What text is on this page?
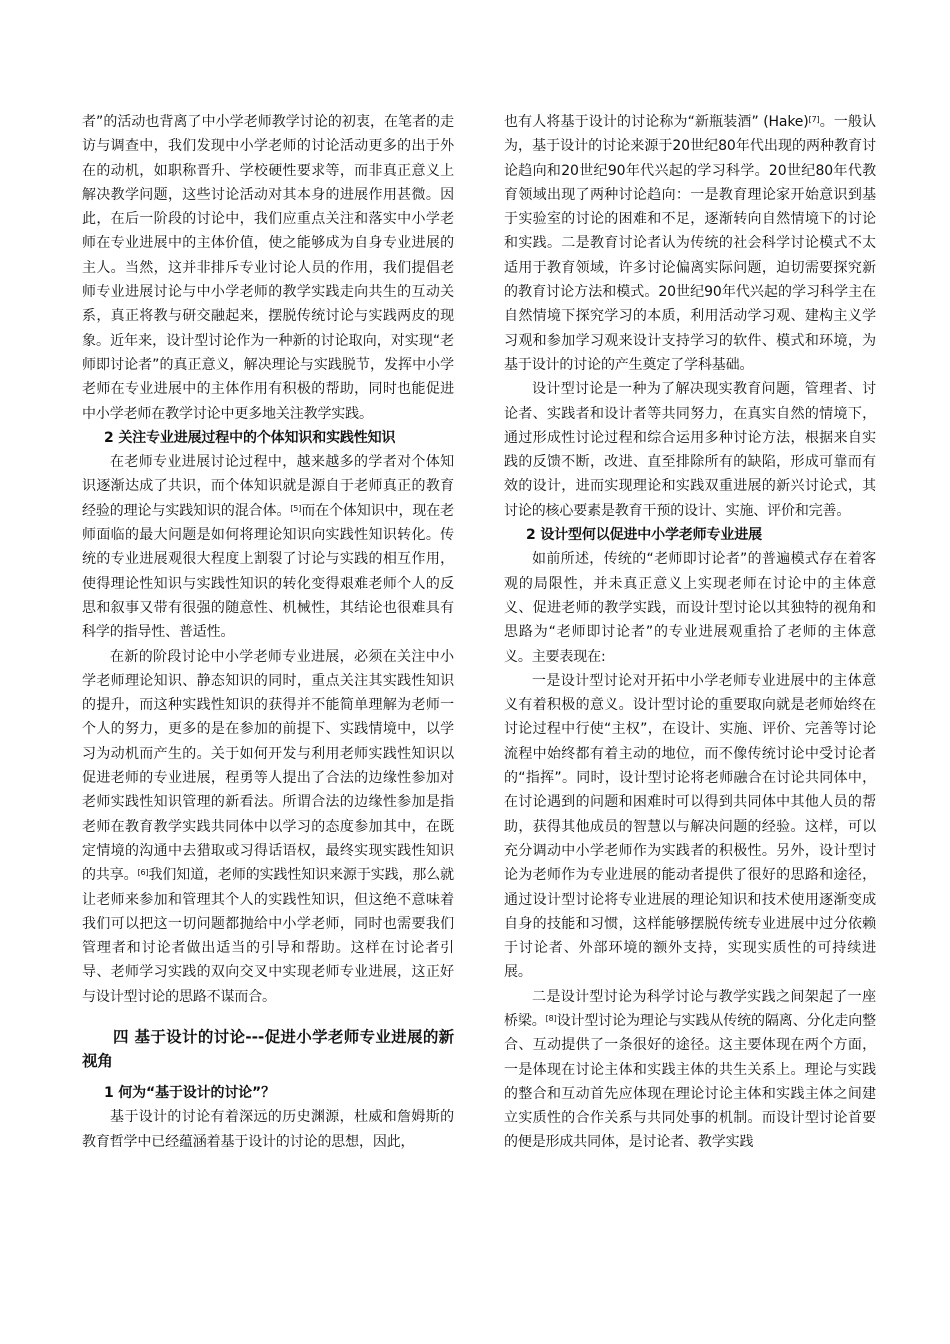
者”的活动也背离了中小学老师教学讨论的初衷，在笔者的走访与调查中，我们发现中小学老师的讨论活动更多的出于外在的动机，如职称晋升、学校硬性要求等，而非真正意义上解决教学问题，这些讨论活动对其本身的进展作用甚微。因此，在后一阶段的讨论中，我们应重点关注和落实中小学老师在专业进展中的主体价值，使之能够成为自身专业进展的主人。当然，这并非排斥专业讨论人员的作用，我们提倡老师专业进展讨论与中小学老师的教学实践走向共生的互动关系，真正将教与研交融起来，摆脱传统讨论与实践两皮的现象。近年来，设计型讨论作为一种新的讨论取向，对实现“老师即讨论者”的真正意义，解决理论与实践脱节，发挥中小学老师在专业进展中的主体作用有积极的帮助，同时也能促进中小学老师在教学讨论中更多地关注教学实践。

2 关注专业进展过程中的个体知识和实践性知识

在老师专业进展讨论过程中，越来越多的学者对个体知识逐渐达成了共识，而个体知识就是源自于老师真正的教育经验的理论与实践知识的混合体。[5]而在个体知识中，现在老师面临的最大问题是如何将理论知识向实践性知识转化。传统的专业进展观很大程度上割裂了讨论与实践的相互作用，使得理论性知识与实践性知识的转化变得艰难老师个人的反思和叙事又带有很强的随意性、机械性，其结论也很难具有科学的指导性、普适性。

在新的阶段讨论中小学老师专业进展，必须在关注中小学老师理论知识、静态知识的同时，重点关注其实践性知识的提升，而这种实践性知识的获得并不能简单理解为老师一个人的努力，更多的是在参加的前提下、实践情境中，以学习为动机而产生的。关于如何开发与利用老师实践性知识以促进老师的专业进展，程勇等人提出了合法的边缘性参加对老师实践性知识管理的新看法。所谓合法的边缘性参加是指老师在教育教学实践共同体中以学习的态度参加其中，在既定情境的沟通中去猎取或习得话语权，最终实现实践性知识的共享。[6]我们知道，老师的实践性知识来源于实践，那么就让老师来参加和管理其个人的实践性知识，但这绝不意味着我们可以把这一切问题都抛给中小学老师，同时也需要我们管理者和讨论者做出适当的引导和帮助。这样在讨论者引导、老师学习实践的双向交叉中实现老师专业进展，这正好与设计型讨论的思路不谋而合。

四 基于设计的讨论---促进小学老师专业进展的新视角

1 何为“基于设计的讨论”？

基于设计的讨论有着深远的历史渊源，杜威和詹姆斯的教育哲学中已经蕴涵着基于设计的讨论的思想，因此，

也有人将基于设计的讨论称为“新瓶装酒” (Hake)[7]。一般认为，基于设计的讨论来源于20世纪80年代出现的两种教育讨论趋向和20世纪90年代兴起的学习科学。20世纪80年代教育领域出现了两种讨论趋向：一是教育理论家开始意识到基于实验室的讨论的困难和不足，逐渐转向自然情境下的讨论和实践。二是教育讨论者认为传统的社会科学讨论模式不太适用于教育领域，许多讨论偏离实际问题，迫切需要探究新的教育讨论方法和模式。20世纪90年代兴起的学习科学主在自然情境下探究学习的本质，利用活动学习观、建构主义学习观和参加学习观来设计支持学习的软件、模式和环境，为基于设计的讨论的产生奠定了学科基础。

设计型讨论是一种为了解决现实教育问题，管理者、讨论者、实践者和设计者等共同努力，在真实自然的情境下，通过形成性讨论过程和综合运用多种讨论方法，根据来自实践的反馈不断，改进、直至排除所有的缺陷，形成可靠而有效的设计，进而实现理论和实践双重进展的新兴讨论式，其讨论的核心要素是教育干预的设计、实施、评价和完善。

2 设计型何以促进中小学老师专业进展

如前所述，传统的“老师即讨论者”的普遍模式存在着客观的局限性，并未真正意义上实现老师在讨论中的主体意义、促进老师的教学实践，而设计型讨论以其独特的视角和思路为“老师即讨论者”的专业进展观重拾了老师的主体意义。主要表现在:

一是设计型讨论对开拓中小学老师专业进展中的主体意义有着积极的意义。设计型讨论的重要取向就是老师始终在讨论过程中行使“主权”，在设计、实施、评价、完善等讨论流程中始终都有着主动的地位，而不像传统讨论中受讨论者的“指挥”。同时，设计型讨论将老师融合在讨论共同体中，在讨论遇到的问题和困难时可以得到共同体中其他人员的帮助，获得其他成员的智慧以与解决问题的经验。这样，可以充分调动中小学老师作为实践者的积极性。另外，设计型讨论为老师作为专业进展的能动者提供了很好的思路和途径，通过设计型讨论将专业进展的理论知识和技术使用逐渐变成自身的技能和习惯，这样能够摆脱传统专业进展中过分依赖于讨论者、外部环境的额外支持，实现实质性的可持续进展。

二是设计型讨论为科学讨论与教学实践之间架起了一座桥梁。[8]设计型讨论为理论与实践从传统的隔离、分化走向整合、互动提供了一条很好的途径。这主要体现在两个方面，一是体现在讨论主体和实践主体的共生关系上。理论与实践的整合和互动首先应体现在理论讨论主体和实践主体之间建立实质性的合作关系与共同处事的机制。而设计型讨论首要的便是形成共同体，是讨论者、教学实践
